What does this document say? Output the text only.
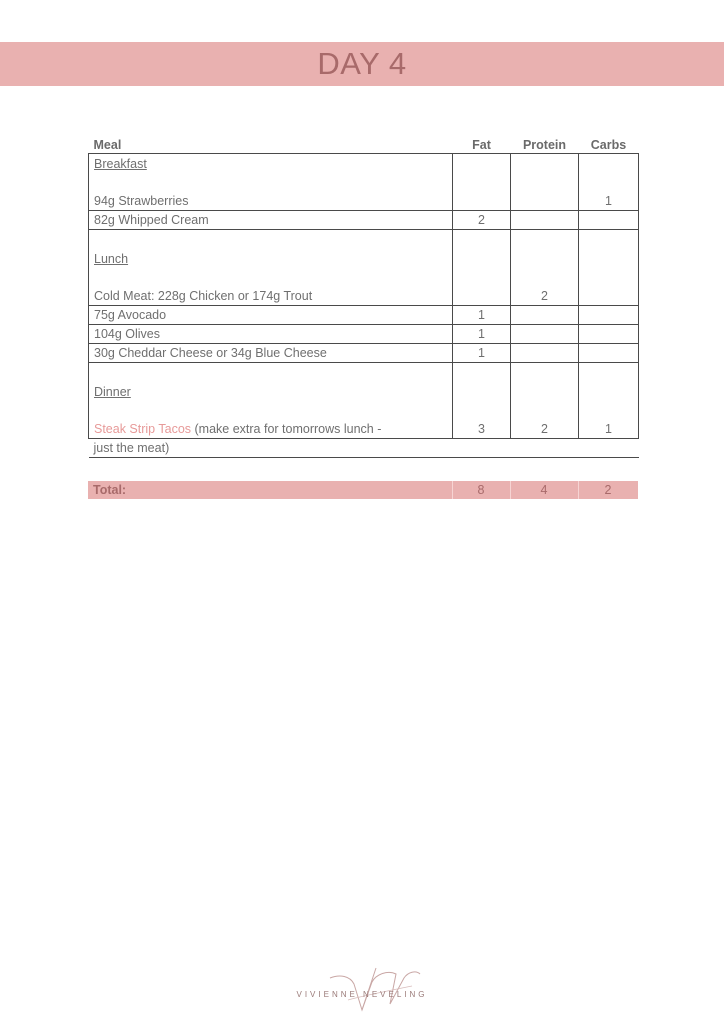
DAY 4
Meal	Fat	Protein	Carbs

Breakfast
94g Strawberries			1
82g Whipped Cream	2		

Lunch
Cold Meat: 228g Chicken or 174g Trout		2	
75g Avocado	1		
104g Olives	1		
30g Cheddar Cheese or 34g Blue Cheese	1		

Dinner
Steak Strip Tacos (make extra for tomorrows lunch -	3	2	1
just the meat)			
Total:	8	4	2
VIVIENNE NEVELING
